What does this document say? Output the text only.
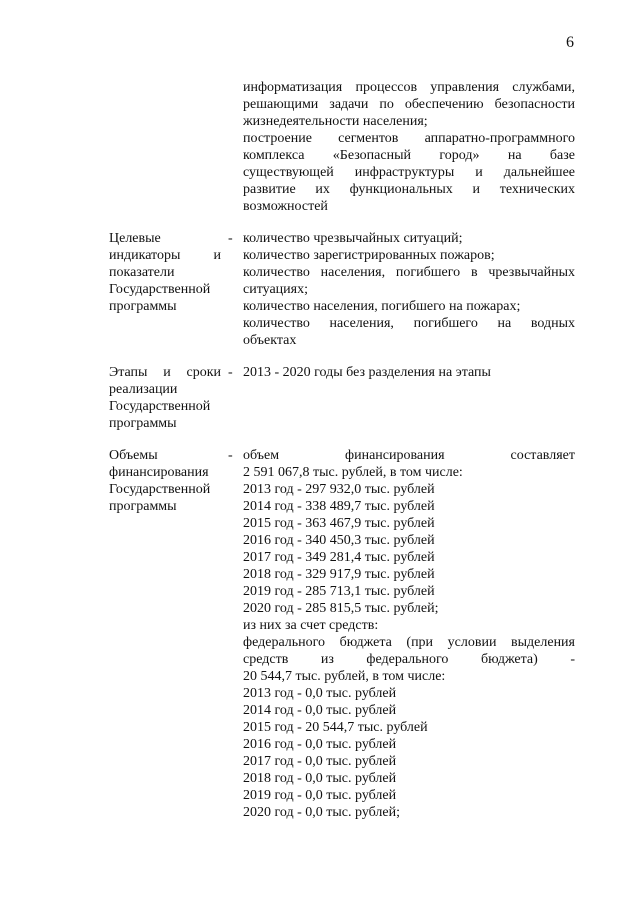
6
информатизация процессов управления службами,
решающими задачи по обеспечению безопасности
жизнедеятельности населения;
построение сегментов аппаратно-программного
комплекса «Безопасный город» на базе
существующей инфраструктуры и дальнейшее
развитие их функциональных и технических
возможностей
Целевые
индикаторы и
показатели
Государственной
программы
- количество чрезвычайных ситуаций;
количество зарегистрированных пожаров;
количество населения, погибшего в чрезвычайных
ситуациях;
количество населения, погибшего на пожарах;
количество населения, погибшего на водных
объектах
Этапы и сроки
реализации
Государственной
программы
- 2013 - 2020 годы без разделения на этапы
Объемы
финансирования
Государственной
программы
- объем финансирования составляет
2 591 067,8 тыс. рублей, в том числе:
2013 год - 297 932,0 тыс. рублей
2014 год - 338 489,7 тыс. рублей
2015 год - 363 467,9 тыс. рублей
2016 год - 340 450,3 тыс. рублей
2017 год - 349 281,4 тыс. рублей
2018 год - 329 917,9 тыс. рублей
2019 год - 285 713,1 тыс. рублей
2020 год - 285 815,5 тыс. рублей;
из них за счет средств:
федерального бюджета (при условии выделения
средств из федерального бюджета) -
20 544,7 тыс. рублей, в том числе:
2013 год - 0,0 тыс. рублей
2014 год - 0,0 тыс. рублей
2015 год - 20 544,7 тыс. рублей
2016 год - 0,0 тыс. рублей
2017 год - 0,0 тыс. рублей
2018 год - 0,0 тыс. рублей
2019 год - 0,0 тыс. рублей
2020 год - 0,0 тыс. рублей;
